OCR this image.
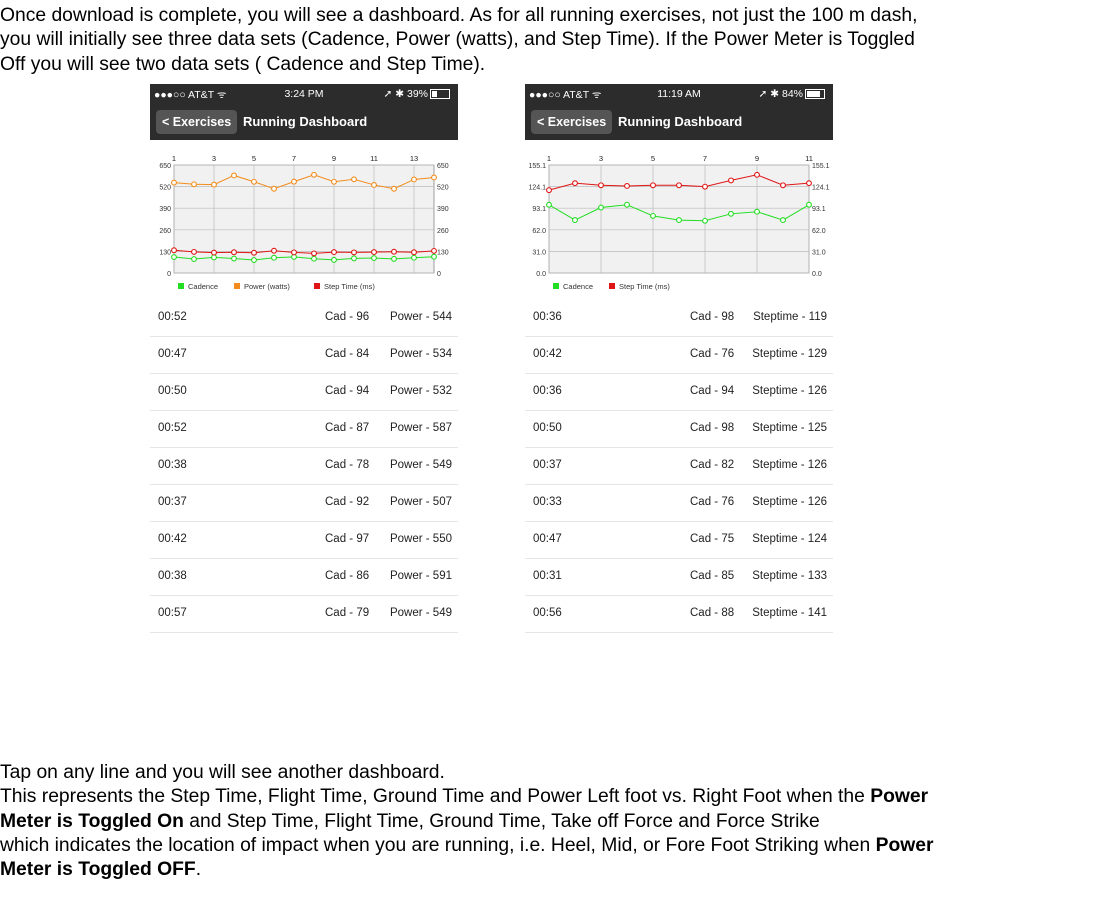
Once download is complete, you will see a dashboard. As for all running exercises, not just the 100 m dash,
you will initially see three data sets (Cadence, Power (watts), and Step Time). If the Power Meter is Toggled
Off you will see two data sets ( Cadence and Step Time).
●●●○○ AT&T ᯤ	3:24 PM	➚ ✱ 39%
< Exercises Running Dashboard
0	0
130	130
260	260
390	390
520	520
650	650
1	3	5	7	9	11	13
Cadence	Power (watts)	Step Time (ms)
00:52	Cad - 96 Power - 544
00:47	Cad - 84 Power - 534
00:50	Cad - 94 Power - 532
00:52	Cad - 87 Power - 587
00:38	Cad - 78 Power - 549
00:37	Cad - 92 Power - 507
00:42	Cad - 97 Power - 550
00:38	Cad - 86 Power - 591
00:57	Cad - 79 Power - 549
●●●○○ AT&T ᯤ	11:19 AM	➚ ✱ 84%
< Exercises Running Dashboard
0.0	0.0
31.0	31.0
62.0	62.0
93.1	93.1
124.1	124.1
155.1	155.1
1	3	5	7	9	11
Cadence	Step Time (ms)
00:36	Cad - 98 Steptime - 119
00:42	Cad - 76 Steptime - 129
00:36	Cad - 94 Steptime - 126
00:50	Cad - 98 Steptime - 125
00:37	Cad - 82 Steptime - 126
00:33	Cad - 76 Steptime - 126
00:47	Cad - 75 Steptime - 124
00:31	Cad - 85 Steptime - 133
00:56	Cad - 88 Steptime - 141
Tap on any line and you will see another dashboard.
This represents the Step Time, Flight Time, Ground Time and Power Left foot vs. Right Foot when the Power
Meter is Toggled On and Step Time, Flight Time, Ground Time, Take off Force and Force Strike
which indicates the location of impact when you are running, i.e. Heel, Mid, or Fore Foot Striking when Power
Meter is Toggled OFF.
